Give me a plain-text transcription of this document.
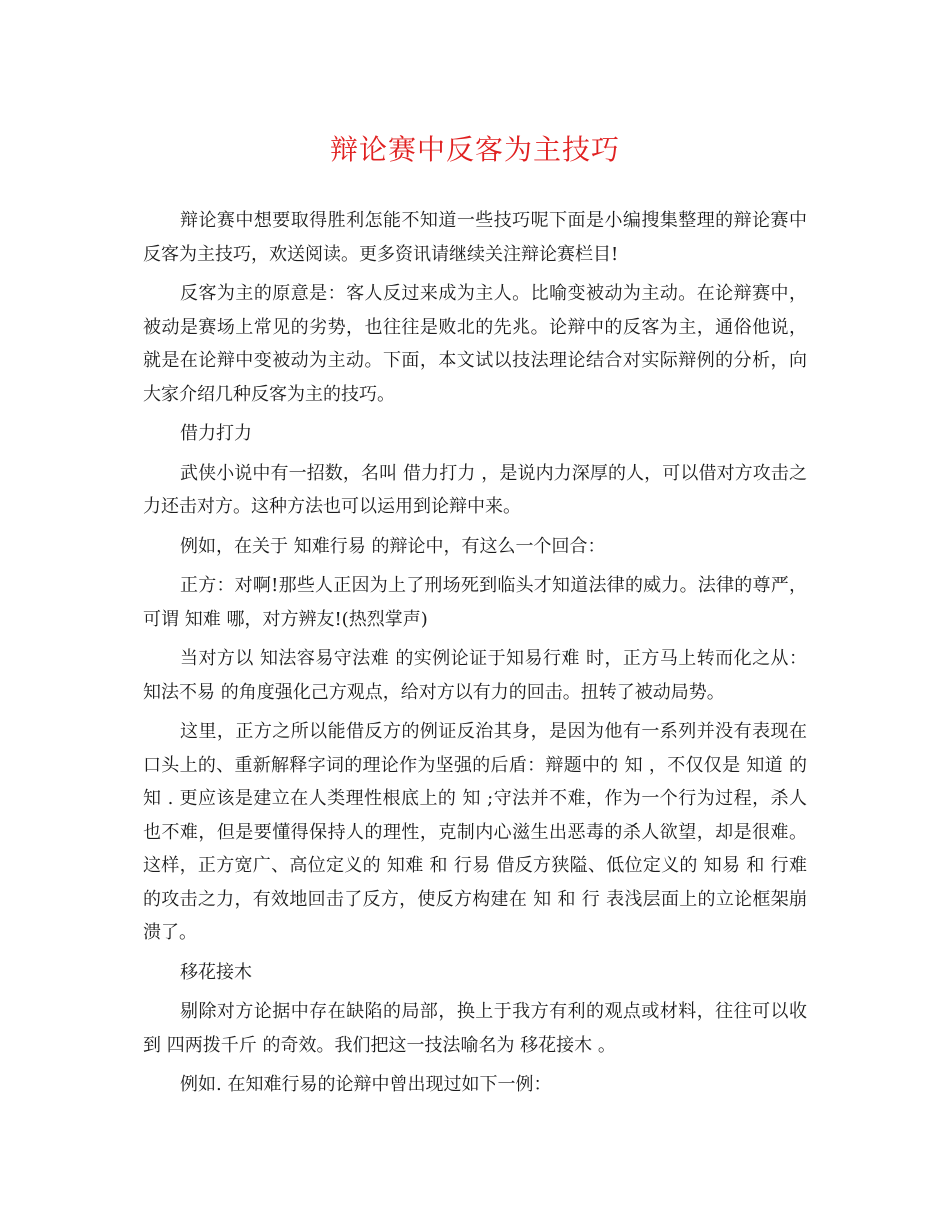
辩论赛中反客为主技巧

辩论赛中想要取得胜利怎能不知道一些技巧呢下面是小编搜集整理的辩论赛中反客为主技巧，欢送阅读。更多资讯请继续关注辩论赛栏目!

反客为主的原意是：客人反过来成为主人。比喻变被动为主动。在论辩赛中，被动是赛场上常见的劣势，也往往是败北的先兆。论辩中的反客为主，通俗他说，就是在论辩中变被动为主动。下面，本文试以技法理论结合对实际辩例的分析，向大家介绍几种反客为主的技巧。

借力打力

武侠小说中有一招数，名叫 借力打力 ，是说内力深厚的人，可以借对方攻击之力还击对方。这种方法也可以运用到论辩中来。

例如，在关于 知难行易 的辩论中，有这么一个回合：

正方：对啊!那些人正因为上了刑场死到临头才知道法律的威力。法律的尊严，可谓 知难 哪，对方辨友!(热烈掌声)

当对方以 知法容易守法难 的实例论证于知易行难 时，正方马上转而化之从： 知法不易 的角度强化己方观点，给对方以有力的回击。扭转了被动局势。

这里，正方之所以能借反方的例证反治其身，是因为他有一系列并没有表现在口头上的、重新解释字词的理论作为坚强的后盾：辩题中的 知 ，不仅仅是 知道 的 知 . 更应该是建立在人类理性根底上的 知 ;守法并不难，作为一个行为过程，杀人也不难，但是要懂得保持人的理性，克制内心滋生出恶毒的杀人欲望，却是很难。这样，正方宽广、高位定义的 知难 和 行易 借反方狭隘、低位定义的 知易 和 行难 的攻击之力，有效地回击了反方，使反方构建在 知 和 行 表浅层面上的立论框架崩溃了。

移花接木

剔除对方论据中存在缺陷的局部，换上于我方有利的观点或材料，往往可以收到 四两拨千斤 的奇效。我们把这一技法喻名为 移花接木 。

例如. 在知难行易的论辩中曾出现过如下一例：
